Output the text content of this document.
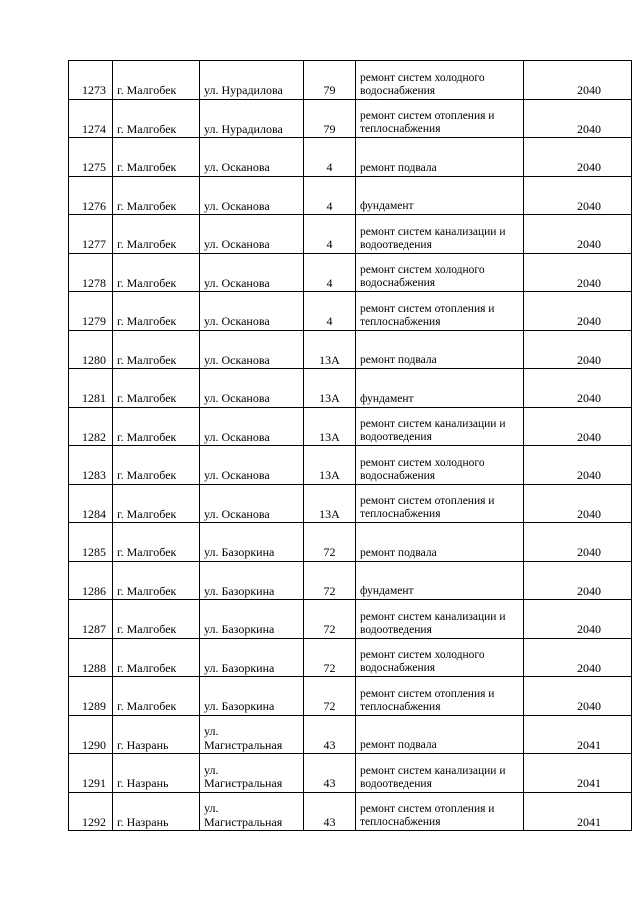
1273	г. Малгобек	ул. Нурадилова	79	ремонт систем холодного водоснабжения	2040
1274	г. Малгобек	ул. Нурадилова	79	ремонт систем отопления и теплоснабжения	2040
1275	г. Малгобек	ул. Осканова	4	ремонт подвала	2040
1276	г. Малгобек	ул. Осканова	4	фундамент	2040
1277	г. Малгобек	ул. Осканова	4	ремонт систем канализации и водоотведения	2040
1278	г. Малгобек	ул. Осканова	4	ремонт систем холодного водоснабжения	2040
1279	г. Малгобек	ул. Осканова	4	ремонт систем отопления и теплоснабжения	2040
1280	г. Малгобек	ул. Осканова	13А	ремонт подвала	2040
1281	г. Малгобек	ул. Осканова	13А	фундамент	2040
1282	г. Малгобек	ул. Осканова	13А	ремонт систем канализации и водоотведения	2040
1283	г. Малгобек	ул. Осканова	13А	ремонт систем холодного водоснабжения	2040
1284	г. Малгобек	ул. Осканова	13А	ремонт систем отопления и теплоснабжения	2040
1285	г. Малгобек	ул. Базоркина	72	ремонт подвала	2040
1286	г. Малгобек	ул. Базоркина	72	фундамент	2040
1287	г. Малгобек	ул. Базоркина	72	ремонт систем канализации и водоотведения	2040
1288	г. Малгобек	ул. Базоркина	72	ремонт систем холодного водоснабжения	2040
1289	г. Малгобек	ул. Базоркина	72	ремонт систем отопления и теплоснабжения	2040
1290	г. Назрань	ул. Магистральная	43	ремонт подвала	2041
1291	г. Назрань	ул. Магистральная	43	ремонт систем канализации и водоотведения	2041
1292	г. Назрань	ул. Магистральная	43	ремонт систем отопления и теплоснабжения	2041
